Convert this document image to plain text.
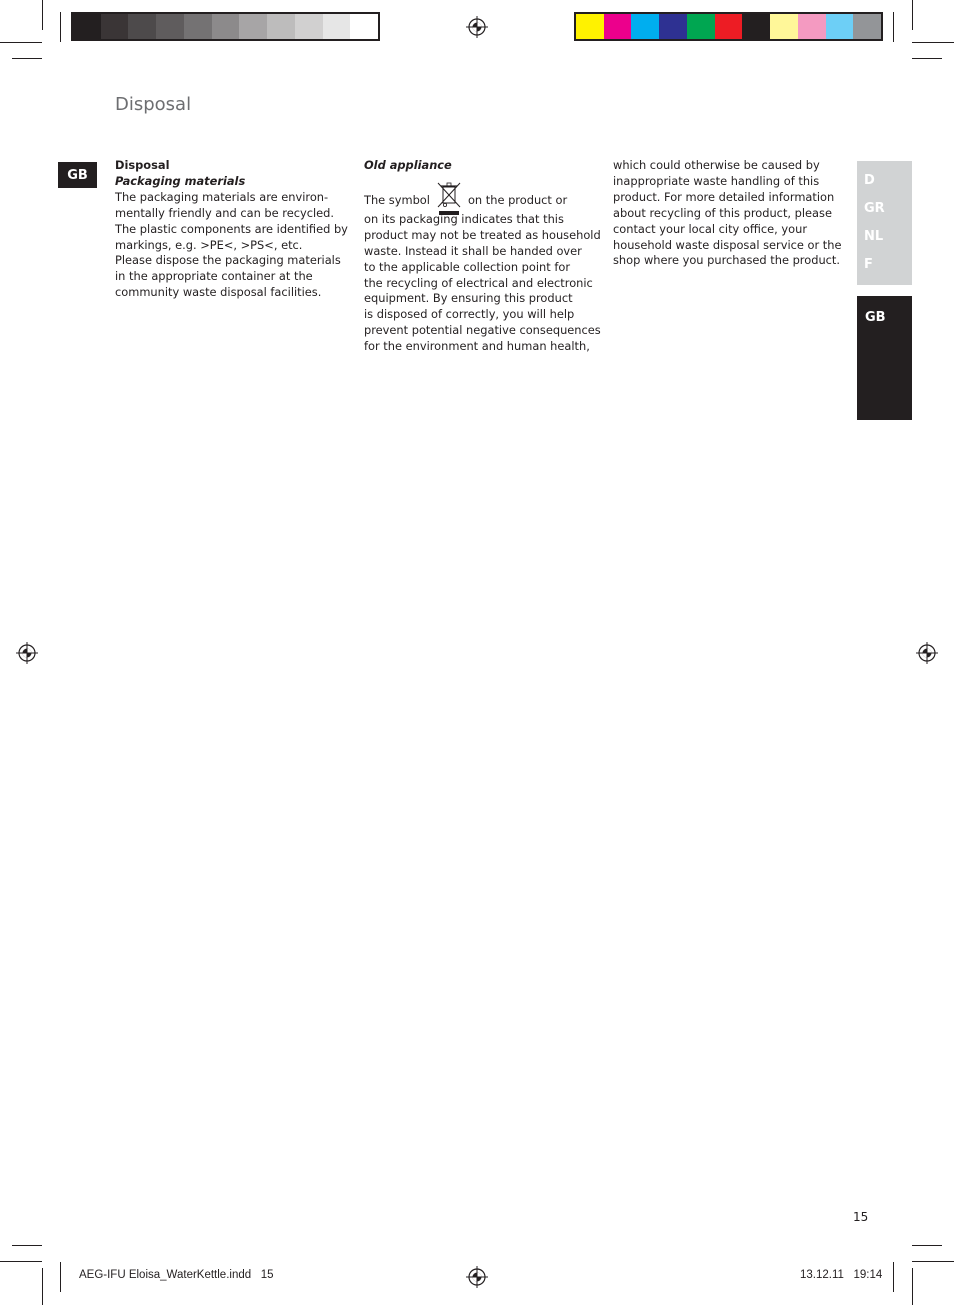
Disposal
GB

Disposal

Packaging materials

The packaging materials are environ-

mentally friendly and can be recycled.

The plastic components are identified by

markings, e.g. >PE<, >PS<, etc.

Please dispose the packaging materials

in the appropriate container at the

community waste disposal facilities.

Old appliance

The symbol	on the product or

on its packaging indicates that this

product may not be treated as household

waste. Instead it shall be handed over

to the applicable collection point for

the recycling of electrical and electronic

equipment. By ensuring this product

is disposed of correctly, you will help

prevent potential negative consequences

for the environment and human health,

which could otherwise be caused by

inappropriate waste handling of this

product. For more detailed information

about recycling of this product, please

contact your local city office, your

household waste disposal service or the

shop where you purchased the product.

D
GR
NL
F
GB
15
AEG-IFU Eloisa_WaterKettle.indd   15	13.12.11   19:14
